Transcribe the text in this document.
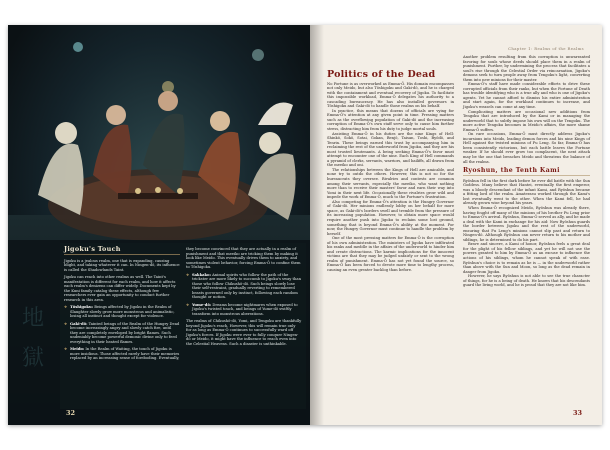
地
獄
Jigoku's Touch

Jigoku is a jealous realm, one that is expanding, causing blight, and taking whatever it can. In Ningen-dō, its influence is called the Shadowlands Taint.

Jigoku can reach into other realms as well. The Taint's manifestation is different for each realm, and how it affects each realm's denizens can differ widely. Documents kept by the Kuni family catalog these effects, although few researchers ever gain an opportunity to conduct further research in this area.

❖ Tōshigoku: Beings affected by Jigoku in the Realm of Slaughter slowly grow more monstrous and animalistic, losing all instinct and thought except for violence.
❖ Gaki-dō: Tainted beings of the Realm of the Hungry Dead become increasingly angry and slowly catch fire, until they are completely enveloped by bright flames. Such undeniably become powerful demonic divine only to feed everything in their heated flames.
❖ Meido: In the Realm of Waiting, the touch of Jigoku is more insidious. Those affected rarely have their memories replaced by an increasing sense of foreboding. Eventually,

they become convinced that they are actually in a realm of punishment and that meeiko are tricking them by making it look like Meido. This eventually drives them to anxiety, and sometimes violent behavior, forcing Emma-Ō to confine them to Tōshigoku.

❖ Sakkako: Animal spirits who follow the path of the trickster are more likely to succumb to Jigoku's sway than those who follow Chikushō-dō. Such beings slowly lose their self-restraint, gradually reverting to remembered beasts governed only by instinct, following each random thought or notion.
❖ Yume-dō: Dreams become nightmares when exposed to Jigoku's twisted touch, and beings of Yume-dō swiftly transform into monstrous aberrations.

The realms of Chikushō-dō, Yomi, and Tengoku are thankfully beyond Jigoku's reach. However, this will remain true only for as long as Emma-Ō continues to successfully ward off Jigoku's forces. If Jigoku were ever to fully conquer Ningen-dō or Meido, it might have the influence to reach even into the Celestial Heavens. Such a disaster is unthinkable.

32
Chapter 1: Realms of the Realms
Politics of the Dead

No Fortune is as overworked as Emma-Ō. His domain encompasses not only Meido, but also Tōshigoku and Gaki-dō, and he is charged with the containment and eventual recovery of Jigoku. To facilitate this impossible workload, Emma-Ō delegates his authority to a cascading bureaucracy. He has also installed governors in Tōshigoku and Gaki-dō to handle those realms on his behalf.

In practice, this means that dozens of officials are vying for Emma-Ō's attention at any given point in time. Pressing matters such as the overflowing population of Gaki-dō and the increasing corruption of Emma-Ō's own staff serve only to cause him further stress, distracting him from his duty to judge mortal souls.

Assisting Emma-Ō in his duties are the nine Kings of Hell: Shinkō, Sokō, Sotai, Gokan, Benjō, Taisan, Toshi, Byōdō, and Tenrin. These beings earned this trust by accompanying him in reclaiming the rest of the underworld from Jigoku, and they are his most trusted lieutenants. A being seeking Emma-Ō's favor must attempt to encounter one of the nine. Each King of Hell commands a pyramid of clerks, servants, warriors, and bailiffs, all drawn from the meeiko and oni.

The relationships between the Kings of Hell are amicable, and none try to outdo the others. However, this is not so for the bureaucrats they oversee. Rivalries and contests are common among their servants, especially the meeiko, who want nothing more than to receive their masters' favor and earn their way into Yomi in their next life. Occasionally these rivalries grow wild and impede the work of Emma-Ō, much to the Fortune's frustration.

Also competing for Emma-Ō's attention is the Hungry Governor of Gaki-dō. Her minions endlessly lobby on her behalf for more space, as Gaki-dō's borders swell and tremble from the pressure of its increasing population. However, to obtain more space would require another push into Jigoku to reclaim some lost ground, something that is beyond Emma-Ō's ability at the moment. For now, the Hungry Governor must continue to handle the problem by herself.

One of the most pressing matters for Emma-Ō is the corruption of his own administration. The ministers of Jigoku have infiltrated his ranks and meddle in the affairs of the underworld to hinder him and create distractions. The karmic implications for the innocent victims are that they may be judged unfairly or sent to the wrong realm of punishment. Emma-Ō has not yet found the source, so Emma-Ō has been forced to devote more time to lengthy process, causing an even greater backlog than before.

Another problem resulting from this corruption is unwarranted favoring for souls whose deeds should place them in a realm of punishment. Further, by undermining the process that facilitates a soul's rise through the Celestial Order via reincarnation, Jigoku's demons seek to turn people away from Tengoku's light, converting them into new minions for their master.

Emma-Ō's staff have made considerable efforts to drive these corrupted officials from their ranks, but when the Fortune of Death has trouble identifying who is a true ally and who is one of Jigoku's agents. Yet he cannot afford to dismiss his entire administration and start again, for the workload continues to increase, and Jigoku's weasels can come at any time.

Complicating matters are occasional new additions from Tengoku that are introduced by the Kami or in managing the underworld that to subtly impose his own will on the Tengoku. The more active Tengoku becomes in Meido's affairs, the more shame Emma-Ō suffers.

On rare occasions, Emma-Ō must directly address Jigoku's incursions into Meido, leading demon forces and his nine Kings of Hell against the twisted minions of Fu Leng. So far, Emma-Ō has been consistently victorious, but each battle leaves the Fortune weaker. If he should ever grow too complacent, the next attack may be the one that breaches Meido and threatens the balance of all the realms.

Ryoshun, the Tenth Kami

Ryōshun fell in the first dark before he ever did battle with the Sun Goddess. Many believe that Hantei, eventually the first emperor, was a bloody descendant of the infant Kami, and Ryōshun became a fitting lord of the realm. Amaterasu worked through the Kami's lost eventually went to the other. When the Kami fell, he had already grown wise beyond his years.

When Emma-Ō recognized Meido, Ryōshun was already there, having fought off many of the minions of his brother Fu Leng prior to Emma-Ō's arrival. Ryōshun, Emma-Ō served as ally, and he made a deal with the Kami in exchange for his aid: Now Ryōshun guards the border between Jigoku and the rest of the underworld, ensuring that Fu Leng's minions cannot slip past and return to Ningen-dō. Although Ryōshun can never return to his mother and siblings, he is determined to do his part.

Brave and sincere, a Kami of honor, Ryōshun feels a great deal for the plight of his fellow siblings, and yet he will not use the powers granted to him by Emma-Ō as an excuse to influence the actions of his siblings, whom he cannot speak of with ease. Ryōshun's choice is to remain as he is — in the underworld rather than above with the Sun and Moon, so long as the dead remain in danger from Jigoku.

However, he says Ryōshun is not able to see the true character of things, for he is a being of death. He knows that his descendants guard the living world, and he is proud that they are not like him.

33
